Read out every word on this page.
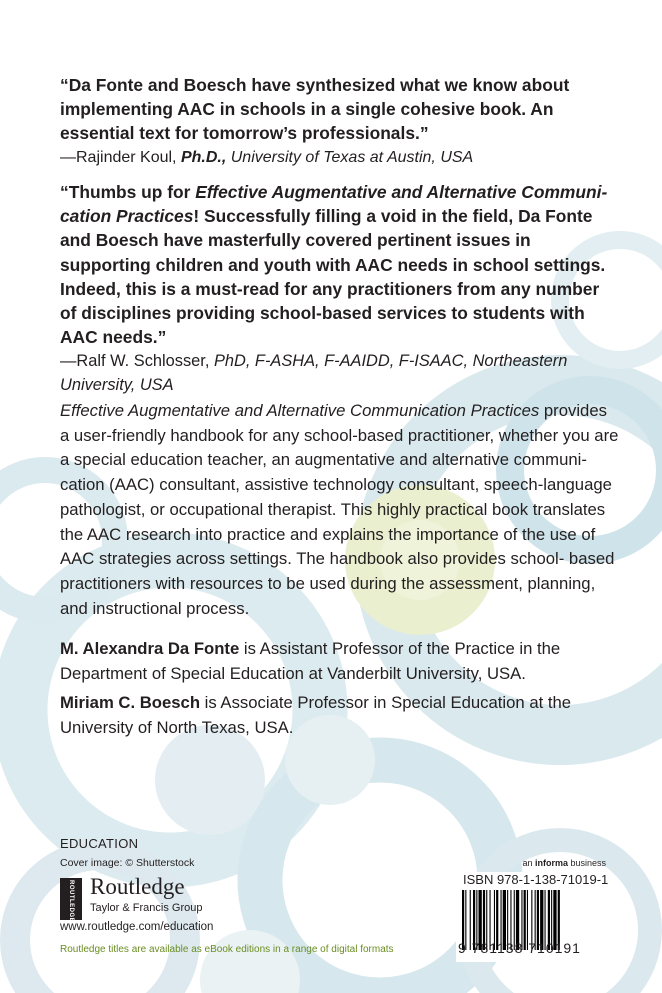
“Da Fonte and Boesch have synthesized what we know about implementing AAC in schools in a single cohesive book. An essential text for tomorrow’s professionals.”

—Rajinder Koul, Ph.D., University of Texas at Austin, USA

“Thumbs up for Effective Augmentative and Alternative Communi- cation Practices! Successfully filling a void in the field, Da Fonte and Boesch have masterfully covered pertinent issues in supporting children and youth with AAC needs in school settings. Indeed, this is a must-read for any practitioners from any number of disciplines providing school-based services to students with AAC needs.”

—Ralf W. Schlosser, PhD, F-ASHA, F-AAIDD, F-ISAAC, Northeastern University, USA

Effective Augmentative and Alternative Communication Practices provides a user-friendly handbook for any school-based practitioner, whether you are a special education teacher, an augmentative and alternative communi- cation (AAC) consultant, assistive technology consultant, speech-language pathologist, or occupational therapist. This highly practical book translates the AAC research into practice and explains the importance of the use of AAC strategies across settings. The handbook also provides school- based practitioners with resources to be used during the assessment, planning, and instructional process.

M. Alexandra Da Fonte is Assistant Professor of the Practice in the Department of Special Education at Vanderbilt University, USA.

Miriam C. Boesch is Associate Professor in Special Education at the University of North Texas, USA.

EDUCATION
Cover image: © Shutterstock
ROUTLEDGE Routledge
Taylor & Francis Group
www.routledge.com/education
Routledge titles are available as eBook editions in a range of digital formats
an informa business
ISBN 978-1-138-71019-1
9 781138 710191
